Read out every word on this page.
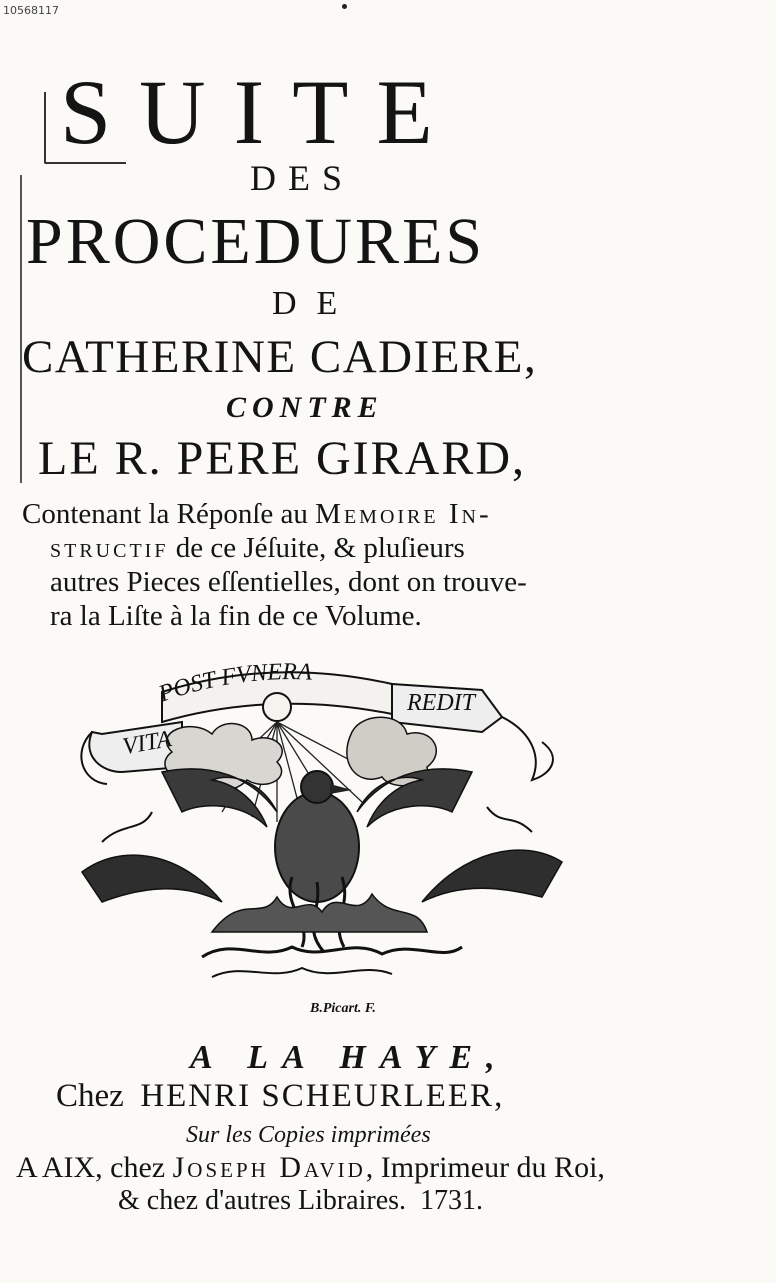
10568117
SUITE
DES
PROCEDURES
DE
CATHERINE CADIERE,
CONTRE
LE R. PERE GIRARD,
Contenant la Réponſe au Memoire In-
structif de ce Jéſuite, & pluſieurs
autres Pieces eſſentielles, dont on trouve-
ra la Liſte à la fin de ce Volume.
VITA
POST FVNERA
REDIT
B.Picart. F.
A LA HAYE,
Chez HENRI SCHEURLEER,
Sur les Copies imprimées
A AIX, chez Joseph David, Imprimeur du Roi,
& chez d'autres Libraires. 1731.
